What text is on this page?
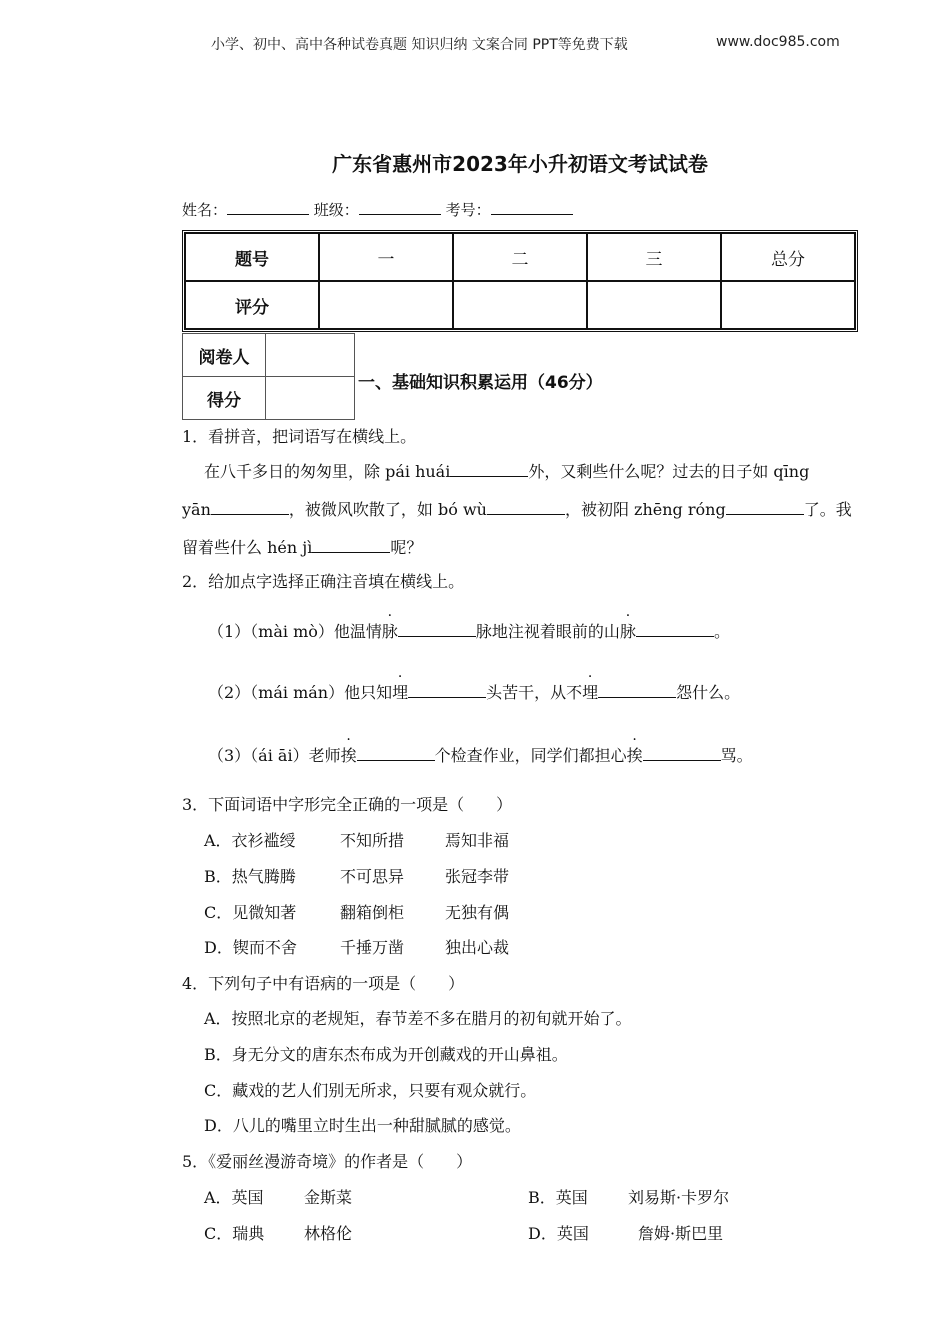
小学、初中、高中各种试卷真题 知识归纳 文案合同 PPT等免费下载	www.doc985.com
广东省惠州市2023年小升初语文考试试卷
姓名：	班级：	考号：
题号	一	二	三	总分
评分				
阅卷人	
得分	
一、基础知识积累运用（46分）
1．看拼音，把词语写在横线上。
在八千多日的匆匆里，除 pái huái	外，又剩些什么呢？过去的日子如 qīng
yān	，被微风吹散了，如 bó wù	，被初阳 zhēng róng	了。我
留着些什么 hén jì	呢？
2．给加点字选择正确注音填在横线上。
（1）（mài mò）他温情脉	脉地注视着眼前的山脉	。
（2）（mái mán）他只知埋	头苦干，从不埋	怨什么。
（3）（ái āi）老师挨	个检查作业，同学们都担心挨	骂。
3．下面词语中字形完全正确的一项是（　　）
A．衣衫褴绶	不知所措	焉知非福
B．热气腾腾	不可思异	张冠李带
C．见微知著	翻箱倒柜	无独有偶
D．锲而不舍	千捶万凿	独出心裁
4．下列句子中有语病的一项是（　　）
A．按照北京的老规矩，春节差不多在腊月的初旬就开始了。
B．身无分文的唐东杰布成为开创藏戏的开山鼻祖。
C．藏戏的艺人们别无所求，只要有观众就行。
D．八儿的嘴里立时生出一种甜腻腻的感觉。
5．《爱丽丝漫游奇境》的作者是（　　）
A．英国	金斯菜	B．英国	刘易斯·卡罗尔
C．瑞典 林格伦	D．英国	詹姆·斯巴里
